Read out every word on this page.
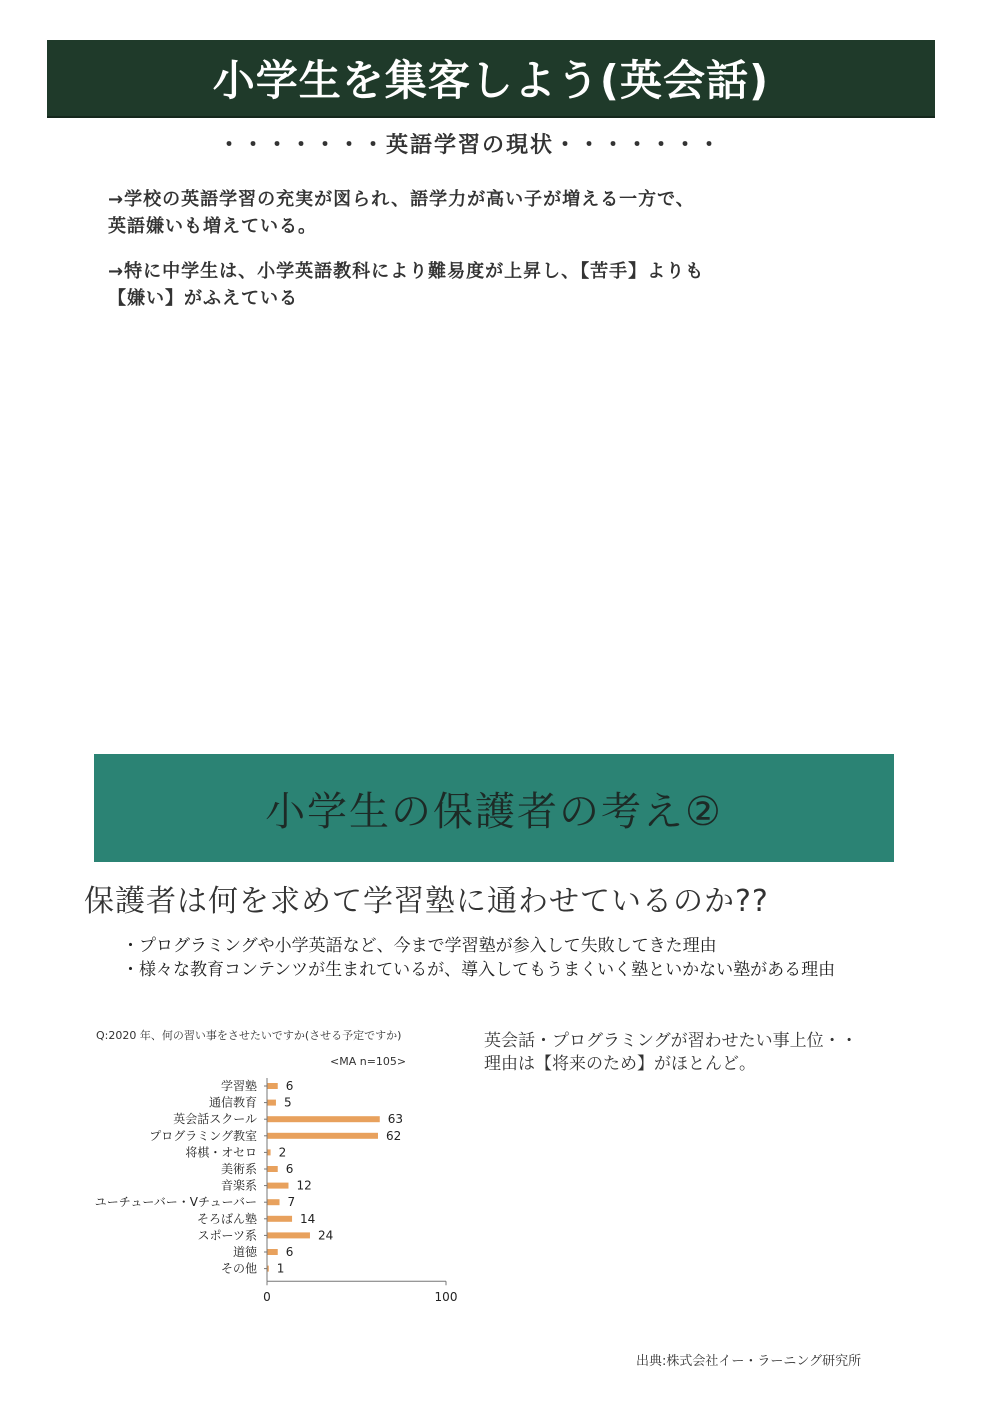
小学生を集客しよう(英会話)
・・・・・・・英語学習の現状・・・・・・・
→学校の英語学習の充実が図られ、語学力が高い子が増える一方で、
英語嫌いも増えている。
→特に中学生は、小学英語教科により難易度が上昇し、【苦手】よりも
【嫌い】がふえている
小学生の保護者の考え②
保護者は何を求めて学習塾に通わせているのか??
・プログラミングや小学英語など、今まで学習塾が参入して失敗してきた理由
・様々な教育コンテンツが生まれているが、導入してもうまくいく塾といかない塾がある理由
Q:2020 年、何の習い事をさせたいですか(させる予定ですか)
<MA n=105>
学習塾 6
通信教育 5
英会話スクール	63
プログラミング教室	62
将棋・オセロ 2
美術系 6
音楽系	12
ユーチューバー・Vチューバー	7
そろばん塾	14
スポーツ系	24
道徳 6
その他 1
0	100
英会話・プログラミングが習わせたい事上位・・
理由は【将来のため】がほとんど。
出典:株式会社イー・ラーニング研究所
